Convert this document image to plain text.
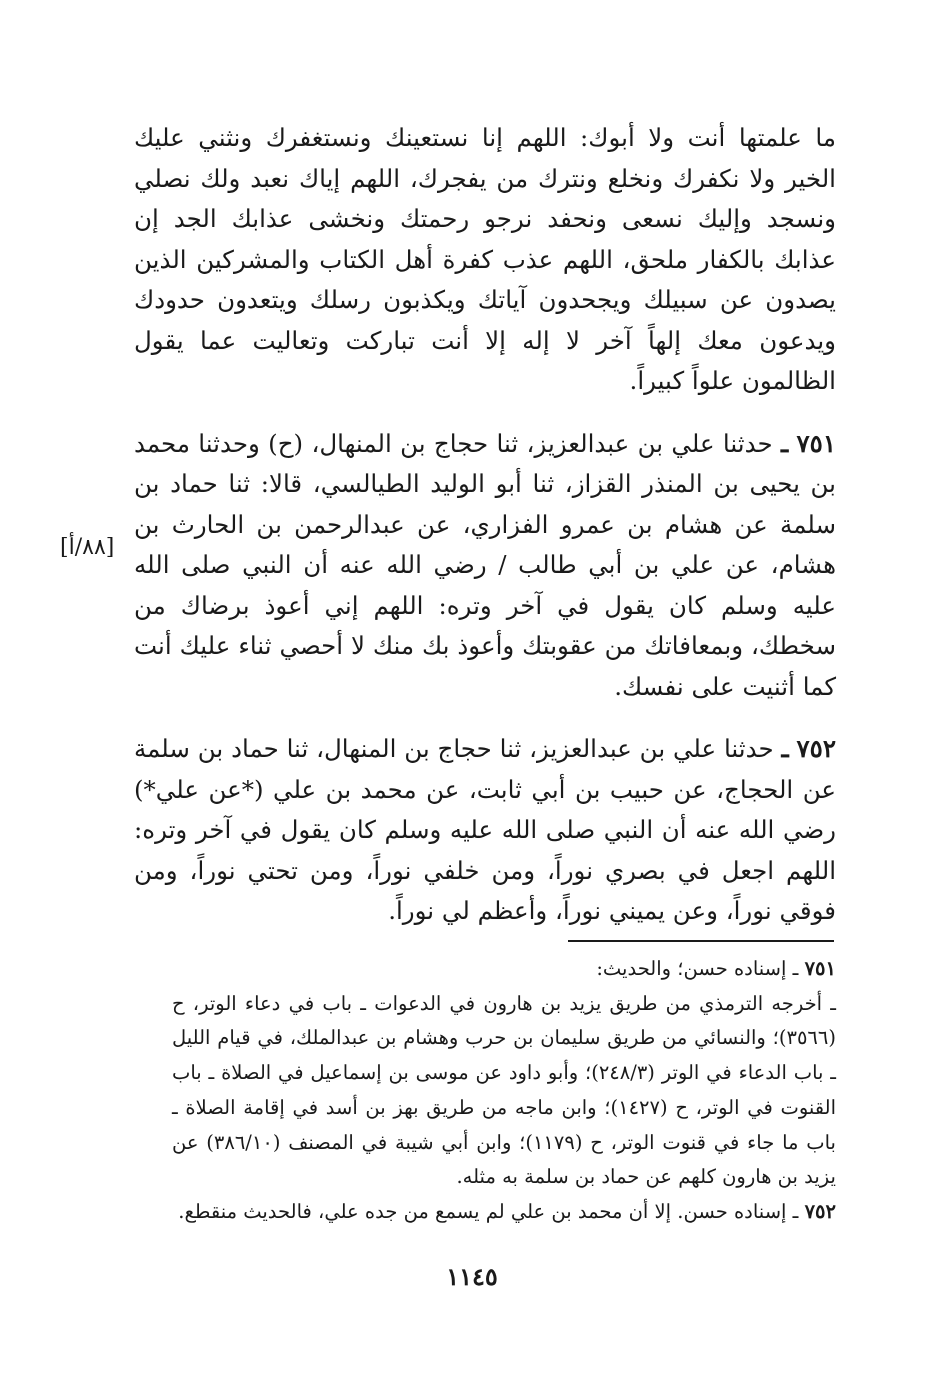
ما علمتها أنت ولا أبوك: اللهم إنا نستعينك ونستغفرك ونثني عليك الخير ولا نكفرك ونخلع ونترك من يفجرك، اللهم إياك نعبد ولك نصلي ونسجد وإليك نسعى ونحفد نرجو رحمتك ونخشى عذابك الجد إن عذابك بالكفار ملحق، اللهم عذب كفرة أهل الكتاب والمشركين الذين يصدون عن سبيلك ويجحدون آياتك ويكذبون رسلك ويتعدون حدودك ويدعون معك إلهاً آخر لا إله إلا أنت تباركت وتعاليت عما يقول الظالمون علواً كبيراً.

٧٥١ ـ حدثنا علي بن عبدالعزيز، ثنا حجاج بن المنهال، (ح) وحدثنا محمد بن يحيى بن المنذر القزاز، ثنا أبو الوليد الطيالسي، قالا: ثنا حماد بن سلمة عن هشام بن عمرو الفزاري، عن عبدالرحمن بن الحارث بن هشام، عن علي بن أبي طالب / رضي الله عنه أن النبي صلى الله عليه وسلم كان يقول في آخر وتره: اللهم إني أعوذ برضاك من سخطك، وبمعافاتك من عقوبتك وأعوذ بك منك لا أحصي ثناء عليك أنت كما أثنيت على نفسك.

٧٥٢ ـ حدثنا علي بن عبدالعزيز، ثنا حجاج بن المنهال، ثنا حماد بن سلمة عن الحجاج، عن حبيب بن أبي ثابت، عن محمد بن علي (*عن علي*) رضي الله عنه أن النبي صلى الله عليه وسلم كان يقول في آخر وتره: اللهم اجعل في بصري نوراً، ومن خلفي نوراً، ومن تحتي نوراً، ومن فوقي نوراً، وعن يميني نوراً، وأعظم لي نوراً.

[٨٨/أ]

٧٥١ ـ إسناده حسن؛ والحديث:

ـ أخرجه الترمذي من طريق يزيد بن هارون في الدعوات ـ باب في دعاء الوتر، ح (٣٥٦٦)؛ والنسائي من طريق سليمان بن حرب وهشام بن عبدالملك، في قيام الليل ـ باب الدعاء في الوتر (٢٤٨/٣)؛ وأبو داود عن موسى بن إسماعيل في الصلاة ـ باب القنوت في الوتر، ح (١٤٢٧)؛ وابن ماجه من طريق بهز بن أسد في إقامة الصلاة ـ باب ما جاء في قنوت الوتر، ح (١١٧٩)؛ وابن أبي شيبة في المصنف (٣٨٦/١٠) عن يزيد بن هارون كلهم عن حماد بن سلمة به مثله.

٧٥٢ ـ إسناده حسن. إلا أن محمد بن علي لم يسمع من جده علي، فالحديث منقطع.

١١٤٥
